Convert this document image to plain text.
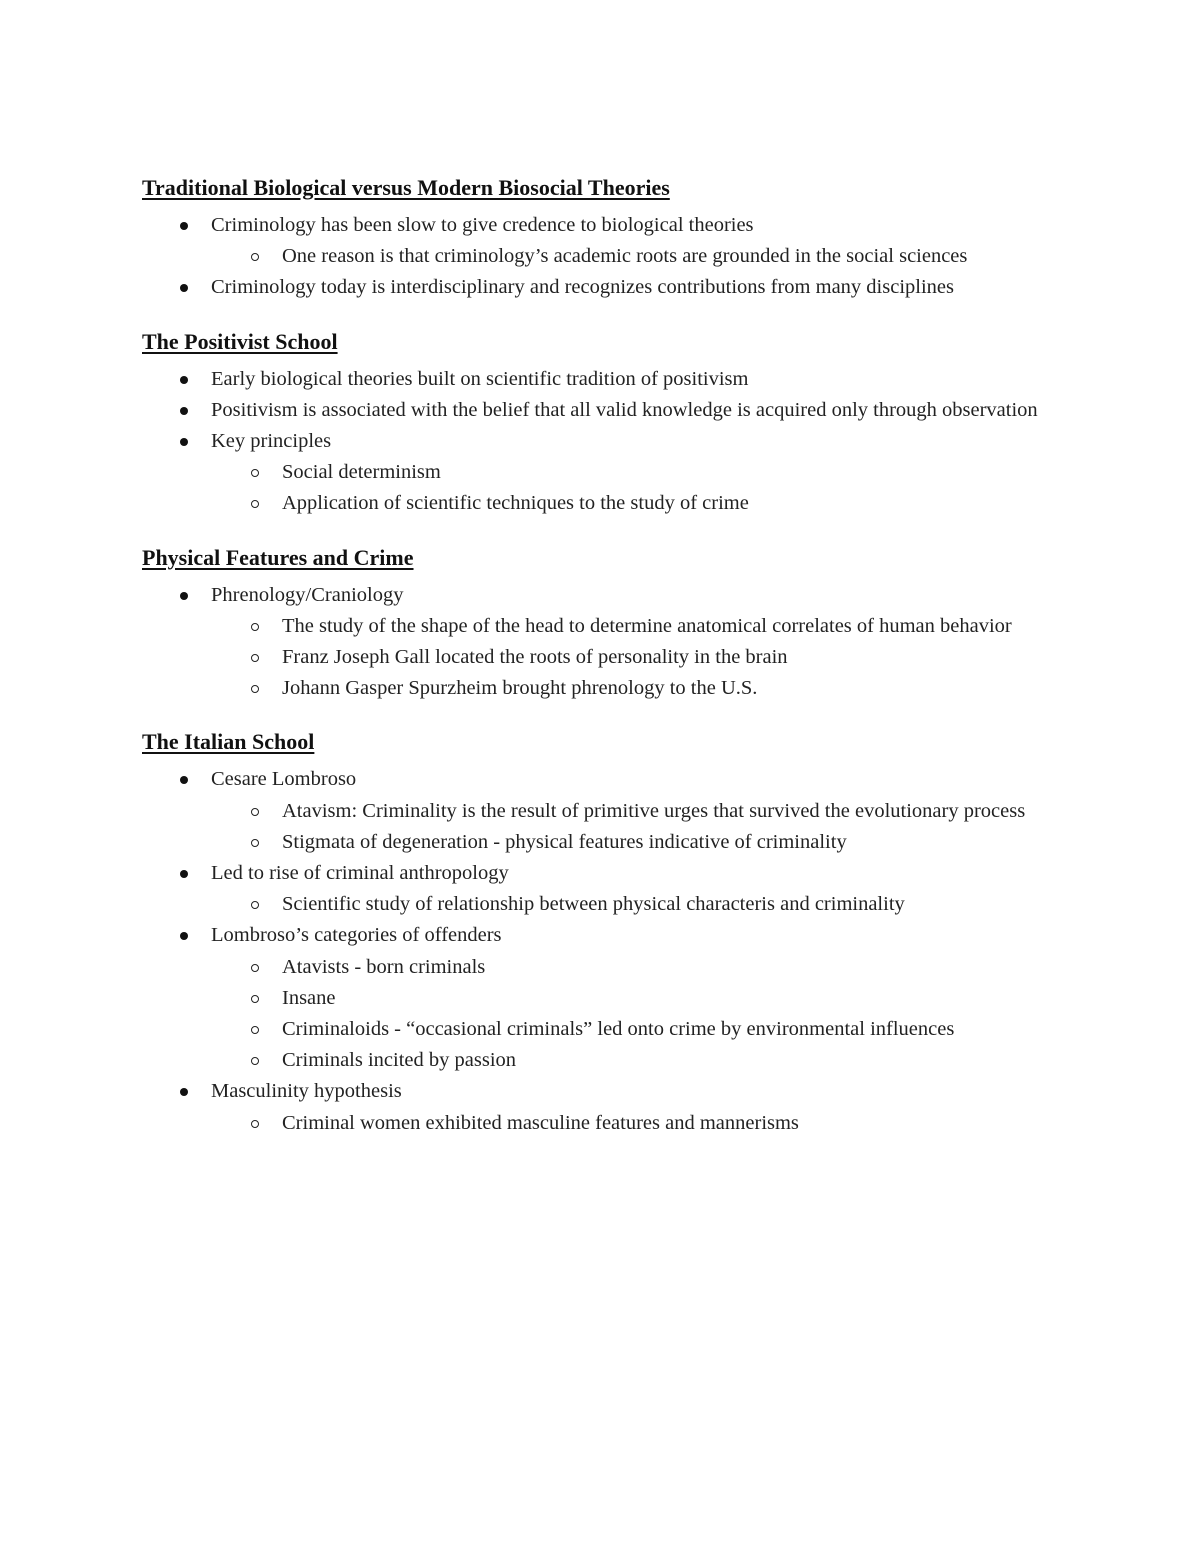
Traditional Biological versus Modern Biosocial Theories
Criminology has been slow to give credence to biological theories
One reason is that criminology’s academic roots are grounded in the social sciences
Criminology today is interdisciplinary and recognizes contributions from many disciplines
The Positivist School
Early biological theories built on scientific tradition of positivism
Positivism is associated with the belief that all valid knowledge is acquired only through observation
Key principles
Social determinism
Application of scientific techniques to the study of crime
Physical Features and Crime
Phrenology/Craniology
The study of the shape of the head to determine anatomical correlates of human behavior
Franz Joseph Gall located the roots of personality in the brain
Johann Gasper Spurzheim brought phrenology to the U.S.
The Italian School
Cesare Lombroso
Atavism: Criminality is the result of primitive urges that survived the evolutionary process
Stigmata of degeneration - physical features indicative of criminality
Led to rise of criminal anthropology
Scientific study of relationship between physical characteris and criminality
Lombroso’s categories of offenders
Atavists - born criminals
Insane
Criminaloids - “occasional criminals” led onto crime by environmental influences
Criminals incited by passion
Masculinity hypothesis
Criminal women exhibited masculine features and mannerisms
